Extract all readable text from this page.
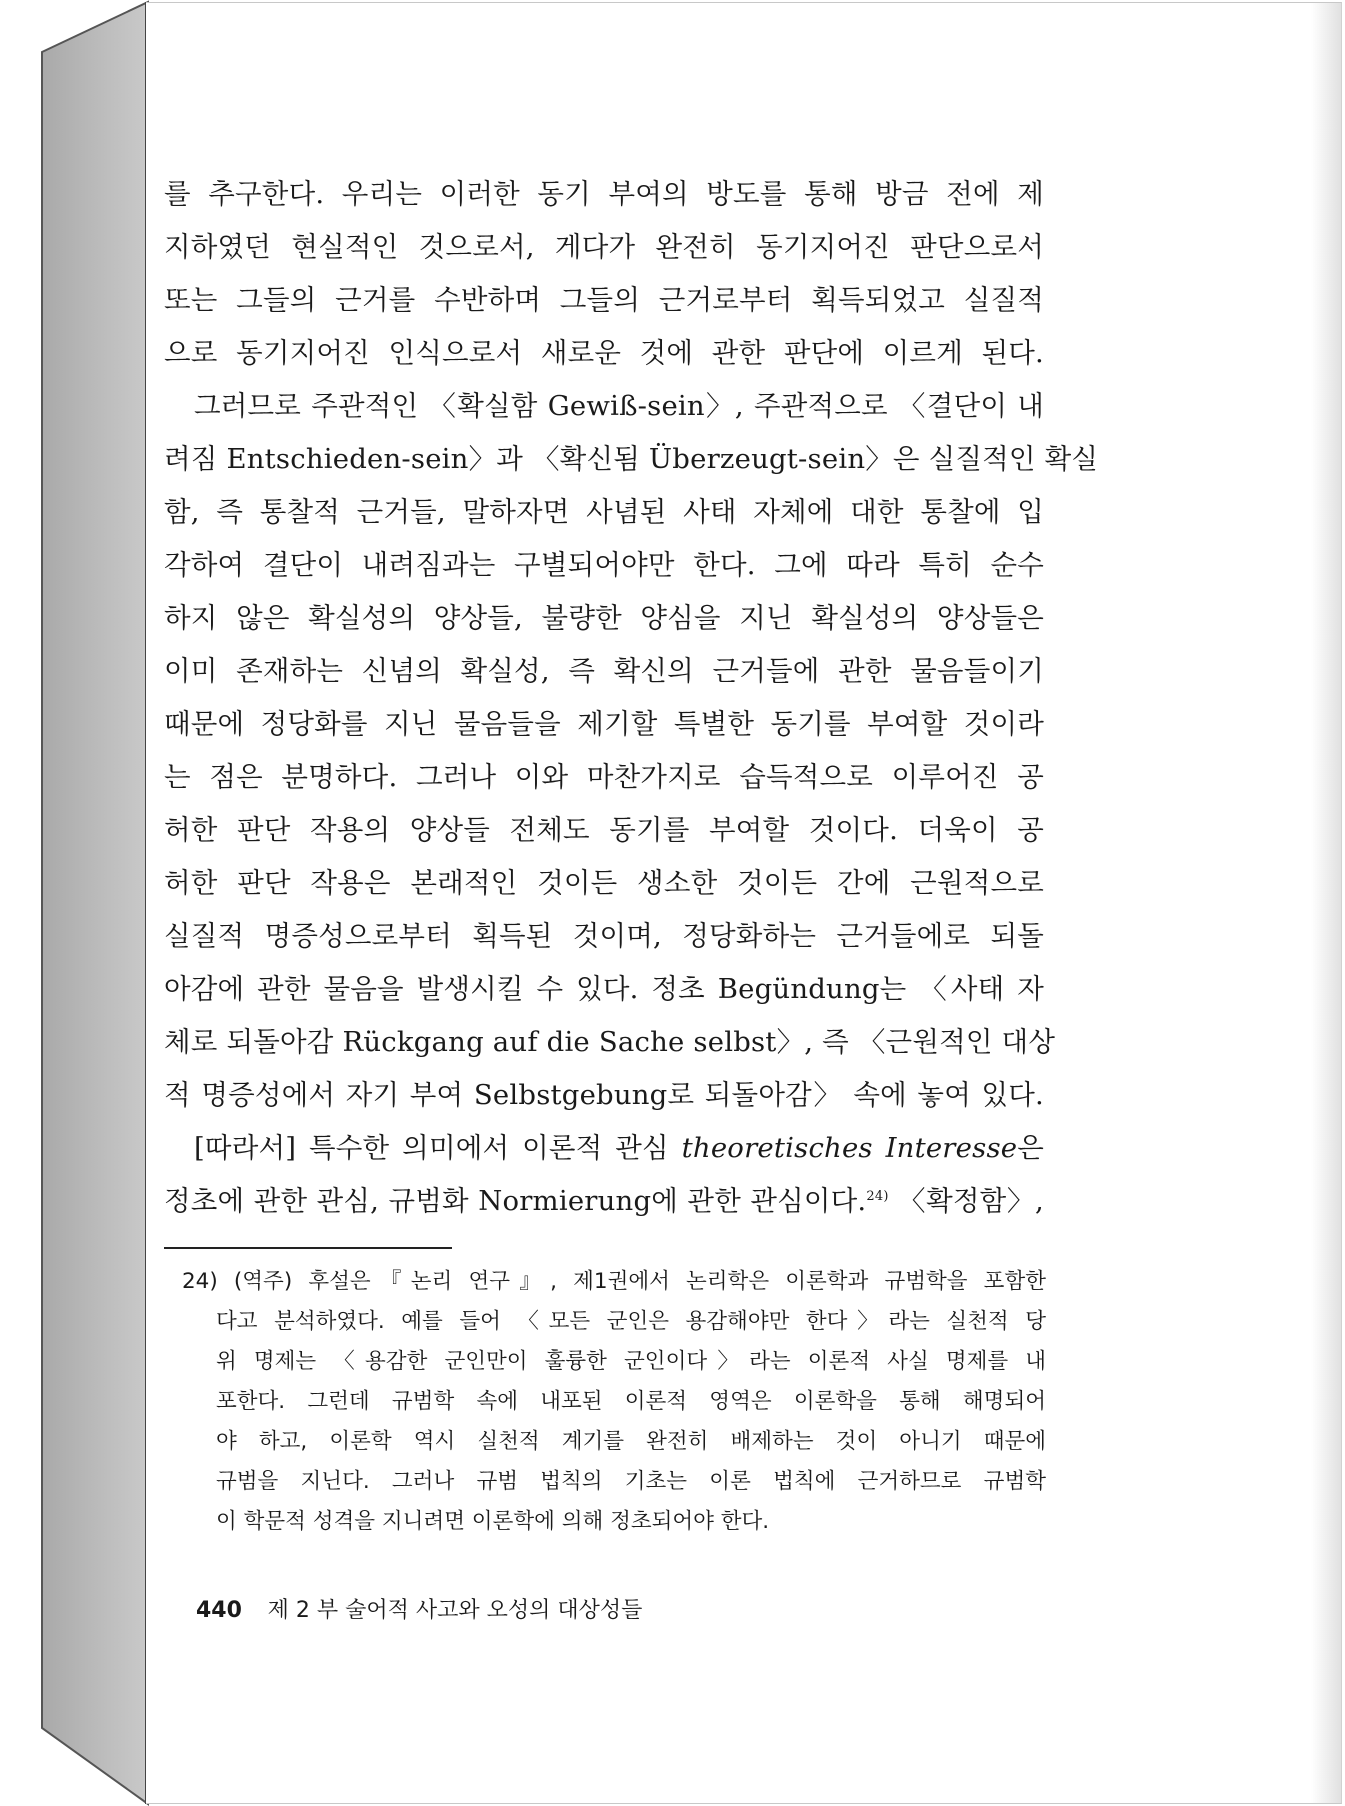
를 추구한다. 우리는 이러한 동기 부여의 방도를 통해 방금 전에 제
지하였던 현실적인 것으로서, 게다가 완전히 동기지어진 판단으로서
또는 그들의 근거를 수반하며 그들의 근거로부터 획득되었고 실질적
으로 동기지어진 인식으로서 새로운 것에 관한 판단에 이르게 된다.
그러므로 주관적인 〈확실함 Gewiß-sein〉, 주관적으로 〈결단이 내
려짐 Entschieden-sein〉과 〈확신됨 Überzeugt-sein〉은 실질적인 확실
함, 즉 통찰적 근거들, 말하자면 사념된 사태 자체에 대한 통찰에 입
각하여 결단이 내려짐과는 구별되어야만 한다. 그에 따라 특히 순수
하지 않은 확실성의 양상들, 불량한 양심을 지닌 확실성의 양상들은
이미 존재하는 신념의 확실성, 즉 확신의 근거들에 관한 물음들이기
때문에 정당화를 지닌 물음들을 제기할 특별한 동기를 부여할 것이라
는 점은 분명하다. 그러나 이와 마찬가지로 습득적으로 이루어진 공
허한 판단 작용의 양상들 전체도 동기를 부여할 것이다. 더욱이 공
허한 판단 작용은 본래적인 것이든 생소한 것이든 간에 근원적으로
실질적 명증성으로부터 획득된 것이며, 정당화하는 근거들에로 되돌
아감에 관한 물음을 발생시킬 수 있다. 정초 Begündung는 〈사태 자
체로 되돌아감 Rückgang auf die Sache selbst〉, 즉 〈근원적인 대상
적 명증성에서 자기 부여 Selbstgebung로 되돌아감〉 속에 놓여 있다.
[따라서] 특수한 의미에서 이론적 관심 theoretisches Interesse은
정초에 관한 관심, 규범화 Normierung에 관한 관심이다.$^{24)}$ 〈확정함〉,
24) (역주) 후설은『논리 연구』, 제1권에서 논리학은 이론학과 규범학을 포함한
다고 분석하였다. 예를 들어 〈모든 군인은 용감해야만 한다〉라는 실천적 당
위 명제는 〈용감한 군인만이 훌륭한 군인이다〉라는 이론적 사실 명제를 내
포한다. 그런데 규범학 속에 내포된 이론적 영역은 이론학을 통해 해명되어
야 하고, 이론학 역시 실천적 계기를 완전히 배제하는 것이 아니기 때문에
규범을 지닌다. 그러나 규범 법칙의 기초는 이론 법칙에 근거하므로 규범학
이 학문적 성격을 지니려면 이론학에 의해 정초되어야 한다.
440 제 2 부 술어적 사고와 오성의 대상성들
